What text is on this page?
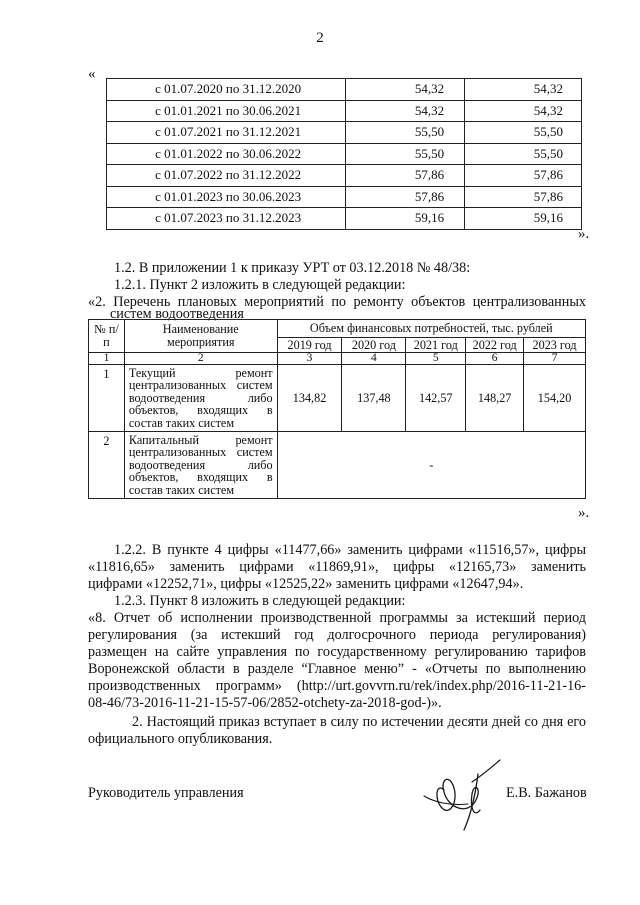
2
«
с 01.07.2020 по 31.12.2020	54,32	54,32
с 01.01.2021 по 30.06.2021	54,32	54,32
с 01.07.2021 по 31.12.2021	55,50	55,50
с 01.01.2022 по 30.06.2022	55,50	55,50
с 01.07.2022 по 31.12.2022	57,86	57,86
с 01.01.2023 по 30.06.2023	57,86	57,86
с 01.07.2023 по 31.12.2023	59,16	59,16
».
1.2. В приложении 1 к приказу УРТ от 03.12.2018 № 48/38:
1.2.1. Пункт 2 изложить в следующей редакции:
«2. Перечень плановых мероприятий по ремонту объектов централизованных
систем водоотведения
№ п/п	Наименование мероприятия	Объем финансовых потребностей, тыс. рублей				
		2019 год	2020 год	2021 год	2022 год	2023 год
1	2	3	4	5	6	7
1	Текущий ремонт централизованных систем водоотведения либо объектов, входящих в состав таких систем	134,82	137,48	142,57	148,27	154,20
2	Капитальный ремонт централизованных систем водоотведения либо объектов, входящих в состав таких систем	-				
».
1.2.2. В пункте 4 цифры «11477,66» заменить цифрами «11516,57», цифры
«11816,65» заменить цифрами «11869,91», цифры «12165,73» заменить
цифрами «12252,71», цифры «12525,22» заменить цифрами «12647,94».
1.2.3. Пункт 8 изложить в следующей редакции:
«8. Отчет об исполнении производственной программы за истекший период
регулирования (за истекший год долгосрочного периода регулирования)
размещен на сайте управления по государственному регулированию тарифов
Воронежской области в разделе “Главное меню” - «Отчеты по выполнению
производственных программ» (http://urt.govvrn.ru/rek/index.php/2016-11-21-16-
08-46/73-2016-11-21-15-57-06/2852-otchety-za-2018-god-)».
2. Настоящий приказ вступает в силу по истечении десяти дней со дня его
официального опубликования.
Руководитель управления	Е.В. Бажанов
